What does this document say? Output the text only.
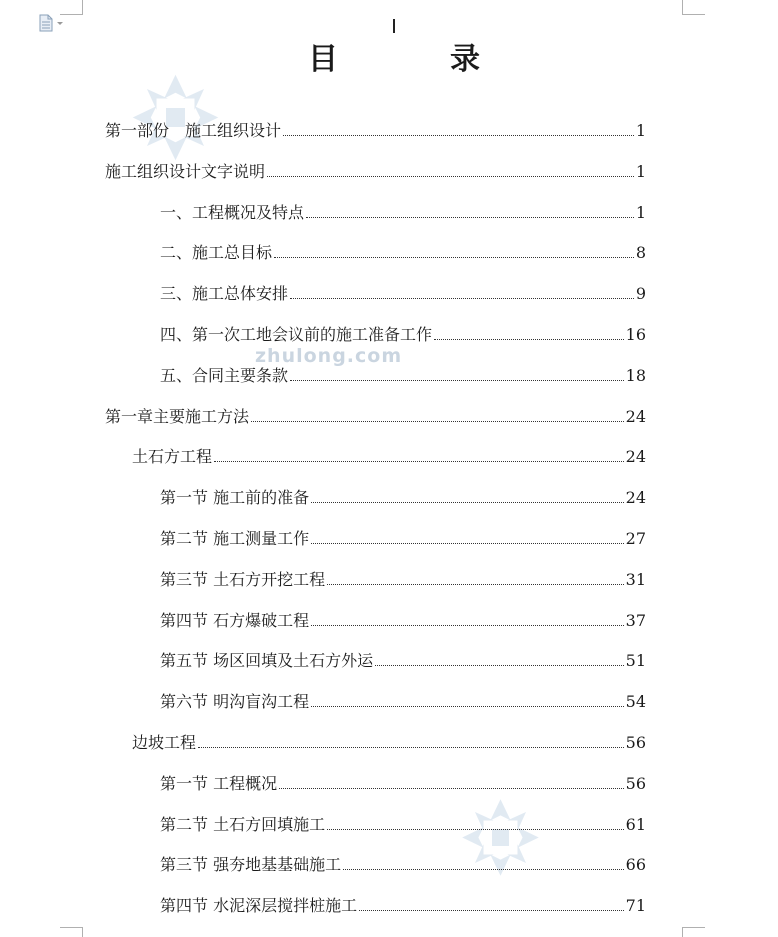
目	录
zhulong.com
第一部份　施工组织设计	1
施工组织设计文字说明	1
一、工程概况及特点	1
二、施工总目标	8
三、施工总体安排	9
四、第一次工地会议前的施工准备工作	16
五、合同主要条款	18
第一章主要施工方法	24
土石方工程	24
第一节 施工前的准备	24
第二节 施工测量工作	27
第三节 土石方开挖工程	31
第四节 石方爆破工程	37
第五节 场区回填及土石方外运	51
第六节 明沟盲沟工程	54
边坡工程	56
第一节 工程概况	56
第二节 土石方回填施工	61
第三节 强夯地基基础施工	66
第四节 水泥深层搅拌桩施工	71
